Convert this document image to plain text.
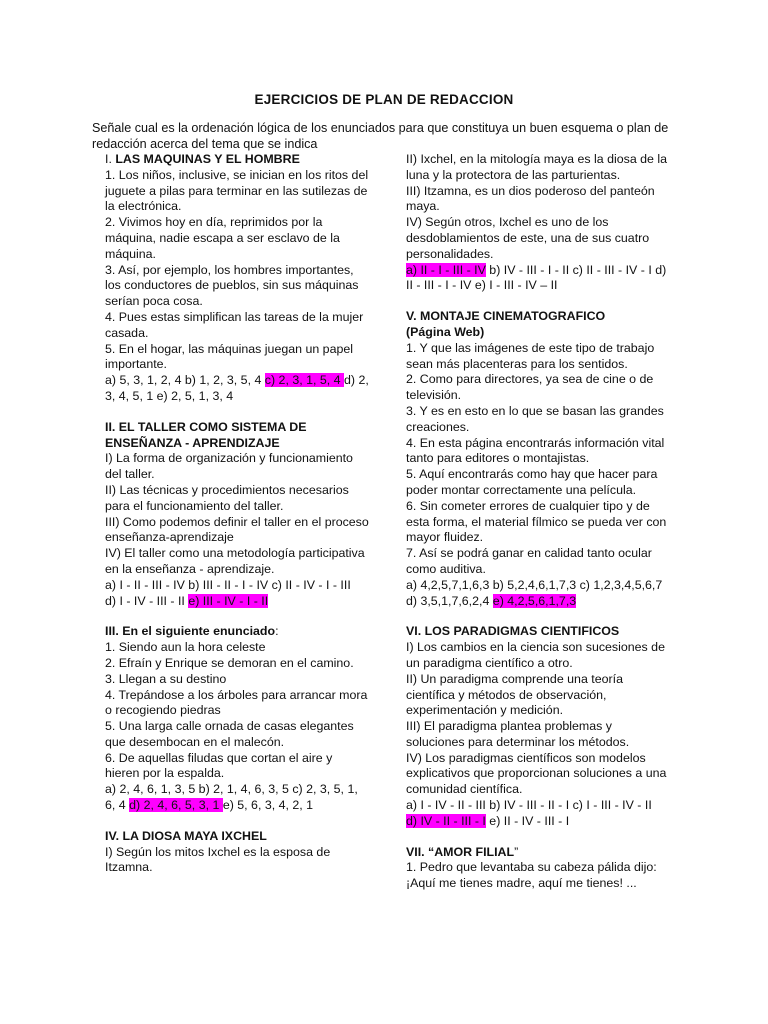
EJERCICIOS DE PLAN DE REDACCION
Señale cual es la ordenación lógica de los enunciados para que constituya un buen esquema o plan de redacción acerca del tema que se indica

I. LAS MAQUINAS Y EL HOMBRE

1. Los niños, inclusive, se inician en los ritos del juguete a pilas para terminar en las sutilezas de la electrónica.

2. Vivimos hoy en día, reprimidos por la máquina, nadie escapa a ser esclavo de la máquina.

3. Así, por ejemplo, los hombres importantes, los conductores de pueblos, sin sus máquinas serían poca cosa.

4. Pues estas simplifican las tareas de la mujer casada.

5. En el hogar, las máquinas juegan un papel importante.

a) 5, 3, 1, 2, 4 b) 1, 2, 3, 5, 4 c) 2, 3, 1, 5, 4 d) 2, 3, 4, 5, 1 e) 2, 5, 1, 3, 4

II. EL TALLER COMO SISTEMA DE ENSEÑANZA - APRENDIZAJE

I) La forma de organización y funcionamiento del taller.

II) Las técnicas y procedimientos necesarios para el funcionamiento del taller.

III) Como podemos definir el taller en el proceso enseñanza-aprendizaje

IV) El taller como una metodología participativa en la enseñanza - aprendizaje.

a) I - II - III - IV b) III - II - I - IV c) II - IV - I - III

d) I - IV - III - II e) III - IV - I - II

III. En el siguiente enunciado:

1. Siendo aun la hora celeste

2. Efraín y Enrique se demoran en el camino.

3. Llegan a su destino

4. Trepándose a los árboles para arrancar mora o recogiendo piedras

5. Una larga calle ornada de casas elegantes que desembocan en el malecón.

6. De aquellas filudas que cortan el aire y hieren por la espalda.

a) 2, 4, 6, 1, 3, 5 b) 2, 1, 4, 6, 3, 5 c) 2, 3, 5, 1, 6, 4 d) 2, 4, 6, 5, 3, 1 e) 5, 6, 3, 4, 2, 1

IV. LA DIOSA MAYA IXCHEL

I) Según los mitos Ixchel es la esposa de Itzamna.

II) Ixchel, en la mitología maya es la diosa de la luna y la protectora de las parturientas.

III) Itzamna, es un dios poderoso del panteón maya.

IV) Según otros, Ixchel es uno de los desdoblamientos de este, una de sus cuatro personalidades.

a) II - I - III - IV b) IV - III - I - II c) II - III - IV - I d) II - III - I - IV e) I - III - IV – II

V. MONTAJE CINEMATOGRAFICO

(Página Web)

1. Y que las imágenes de este tipo de trabajo sean más placenteras para los sentidos.

2. Como para directores, ya sea de cine o de televisión.

3. Y es en esto en lo que se basan las grandes creaciones.

4. En esta página encontrarás información vital tanto para editores o montajistas.

5. Aquí encontrarás como hay que hacer para poder montar correctamente una película.

6. Sin cometer errores de cualquier tipo y de esta forma, el material fílmico se pueda ver con mayor fluidez.

7. Así se podrá ganar en calidad tanto ocular como auditiva.

a) 4,2,5,7,1,6,3 b) 5,2,4,6,1,7,3 c) 1,2,3,4,5,6,7 d) 3,5,1,7,6,2,4 e) 4,2,5,6,1,7,3

VI. LOS PARADIGMAS CIENTIFICOS

I) Los cambios en la ciencia son sucesiones de un paradigma científico a otro.

II) Un paradigma comprende una teoría científica y métodos de observación, experimentación y medición.

III) El paradigma plantea problemas y soluciones para determinar los métodos.

IV) Los paradigmas científicos son modelos explicativos que proporcionan soluciones a una comunidad científica.

a) I - IV - II - III b) IV - III - II - I c) I - III - IV - II

d) IV - II - III - I e) II - IV - III - I

VII. “AMOR FILIAL”

1. Pedro que levantaba su cabeza pálida dijo: ¡Aquí me tienes madre, aquí me tienes! ...
